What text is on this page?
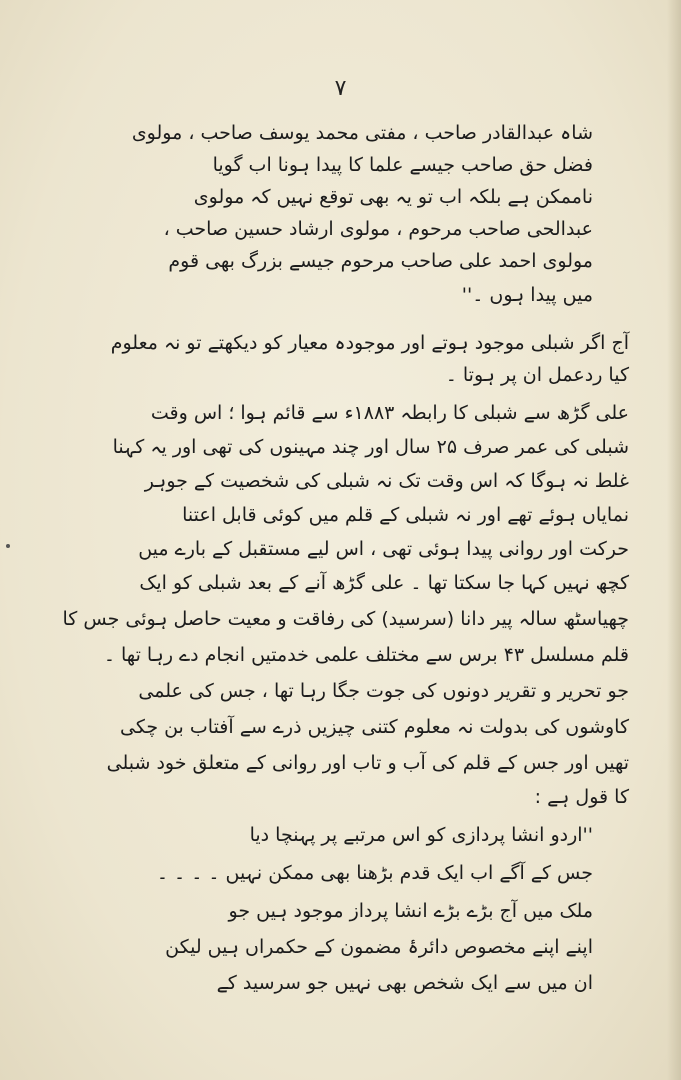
۷
شاہ عبدالقادر صاحب ، مفتی محمد یوسف صاحب ، مولوی
فضل حق صاحب جیسے علما کا پیدا ہونا اب گویا
ناممکن ہے بلکہ اب تو یہ بھی توقع نہیں کہ مولوی
عبدالحی صاحب مرحوم ، مولوی ارشاد حسین صاحب ،
مولوی احمد علی صاحب مرحوم جیسے بزرگ بھی قوم
میں پیدا ہوں ۔''
آج اگر شبلی موجود ہوتے اور موجودہ معیار کو دیکھتے تو نہ معلوم
کیا ردعمل ان پر ہوتا ۔
علی گڑھ سے شبلی کا رابطہ ۱۸۸۳ء سے قائم ہوا ؛ اس وقت
شبلی کی عمر صرف ۲۵ سال اور چند مہینوں کی تھی اور یہ کہنا
غلط نہ ہوگا کہ اس وقت تک نہ شبلی کی شخصیت کے جوہر
نمایاں ہوئے تھے اور نہ شبلی کے قلم میں کوئی قابل اعتنا
حرکت اور روانی پیدا ہوئی تھی ، اس لیے مستقبل کے بارے میں
کچھ نہیں کہا جا سکتا تھا ۔ علی گڑھ آنے کے بعد شبلی کو ایک
چھیاسٹھ سالہ پیر دانا (سرسید) کی رفاقت و معیت حاصل ہوئی جس کا
قلم مسلسل ۴۳ برس سے مختلف علمی خدمتیں انجام دے رہا تھا ۔
جو تحریر و تقریر دونوں کی جوت جگا رہا تھا ، جس کی علمی
کاوشوں کی بدولت نہ معلوم کتنی چیزیں ذرے سے آفتاب بن چکی
تھیں اور جس کے قلم کی آب و تاب اور روانی کے متعلق خود شبلی
کا قول ہے :
''اردو انشا پردازی کو اس مرتبے پر پہنچا دیا
جس کے آگے اب ایک قدم بڑھنا بھی ممکن نہیں ۔ ۔ ۔ ۔
ملک میں آج بڑے بڑے انشا پرداز موجود ہیں جو
اپنے اپنے مخصوص دائرۂ مضمون کے حکمراں ہیں لیکن
ان میں سے ایک شخص بھی نہیں جو سرسید کے
